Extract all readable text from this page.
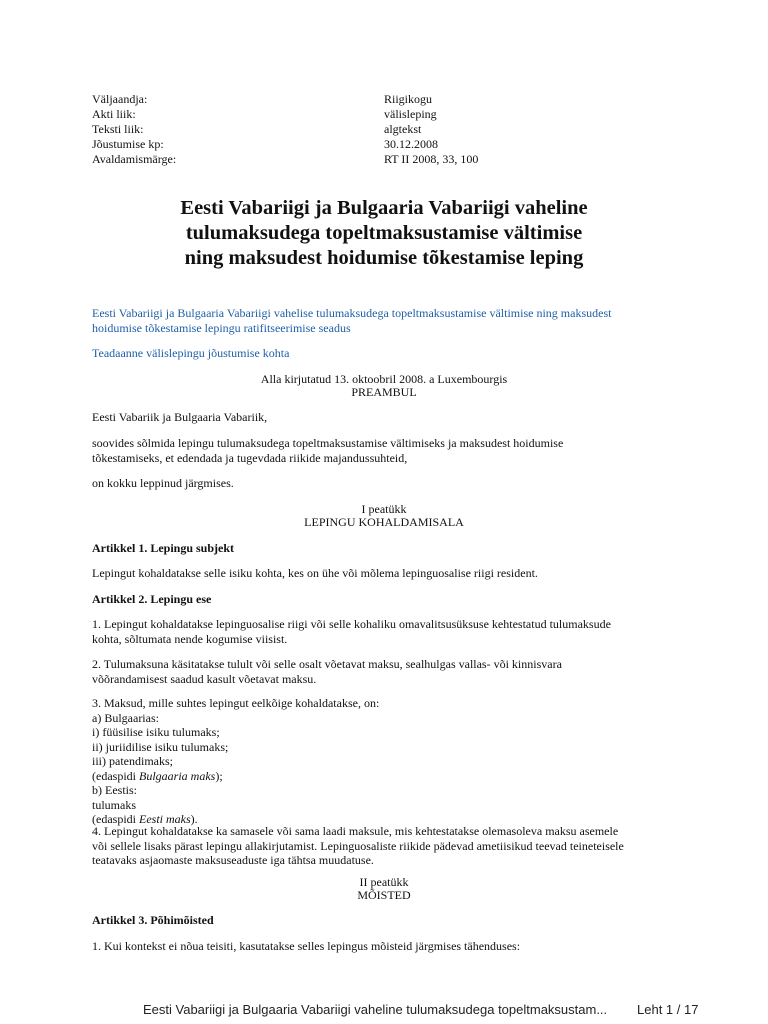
Väljaandja:	Riigikogu
Akti liik:	välisleping
Teksti liik:	algtekst
Jõustumise kp:	30.12.2008
Avaldamismärge:	RT II 2008, 33, 100
Eesti Vabariigi ja Bulgaaria Vabariigi vaheline
tulumaksudega topeltmaksustamise vältimise
ning maksudest hoidumise tõkestamise leping
Eesti Vabariigi ja Bulgaaria Vabariigi vahelise tulumaksudega topeltmaksustamise vältimise ning maksudest
hoidumise tõkestamise lepingu ratifitseerimise seadus
Teadaanne välislepingu jõustumise kohta
Alla kirjutatud 13. oktoobril 2008. a Luxembourgis
PREAMBUL
Eesti Vabariik ja Bulgaaria Vabariik,
soovides sõlmida lepingu tulumaksudega topeltmaksustamise vältimiseks ja maksudest hoidumise
tõkestamiseks, et edendada ja tugevdada riikide majandussuhteid,
on kokku leppinud järgmises.
I peatükk
LEPINGU KOHALDAMISALA
Artikkel 1. Lepingu subjekt
Lepingut kohaldatakse selle isiku kohta, kes on ühe või mõlema lepinguosalise riigi resident.
Artikkel 2. Lepingu ese
1. Lepingut kohaldatakse lepinguosalise riigi või selle kohaliku omavalitsusüksuse kehtestatud tulumaksude
kohta, sõltumata nende kogumise viisist.
2. Tulumaksuna käsitatakse tulult või selle osalt võetavat maksu, sealhulgas vallas- või kinnisvara
võõrandamisest saadud kasult võetavat maksu.
3. Maksud, mille suhtes lepingut eelkõige kohaldatakse, on:
a) Bulgaarias:
i) füüsilise isiku tulumaks;
ii) juriidilise isiku tulumaks;
iii) patendimaks;
(edaspidi Bulgaaria maks);
b) Eestis:
tulumaks
(edaspidi Eesti maks).
4. Lepingut kohaldatakse ka samasele või sama laadi maksule, mis kehtestatakse olemasoleva maksu asemele
või sellele lisaks pärast lepingu allakirjutamist. Lepinguosaliste riikide pädevad ametiisikud teevad teineteisele
teatavaks asjaomaste maksuseaduste iga tähtsa muudatuse.
II peatükk
MÕISTED
Artikkel 3. Põhimõisted
1. Kui kontekst ei nõua teisiti, kasutatakse selles lepingus mõisteid järgmises tähenduses:
Eesti Vabariigi ja Bulgaaria Vabariigi vaheline tulumaksudega topeltmaksustam... Leht 1 / 17
